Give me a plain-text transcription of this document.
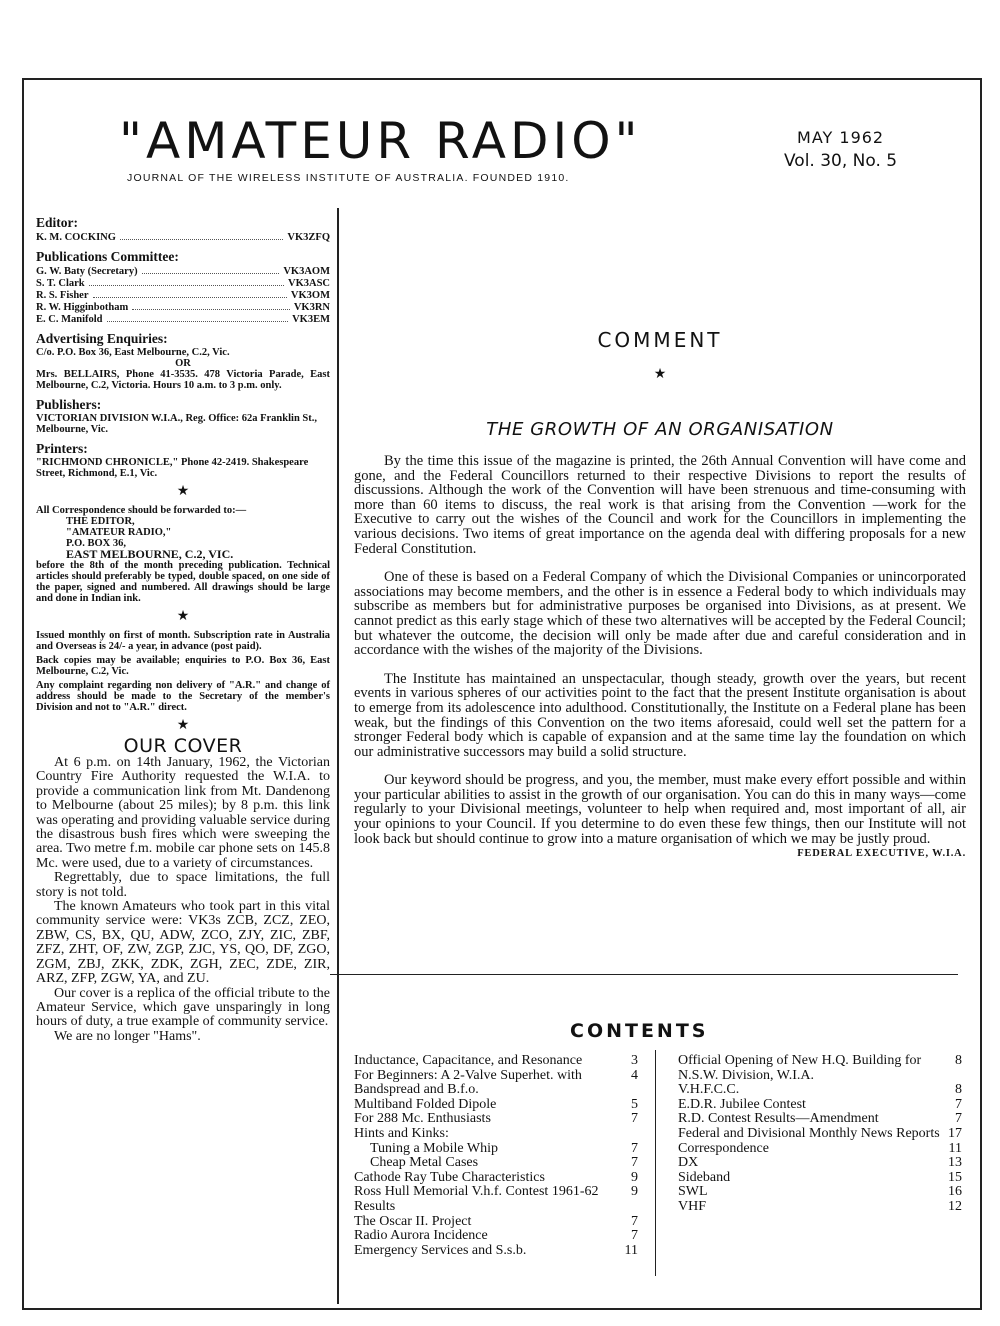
"AMATEUR RADIO"
JOURNAL OF THE WIRELESS INSTITUTE OF AUSTRALIA. FOUNDED 1910.
MAY 1962
Vol. 30, No. 5
Editor:
K. M. COCKING	VK3ZFQ
Publications Committee:
G. W. Baty (Secretary)	VK3AOM
S. T. Clark	VK3ASC
R. S. Fisher	VK3OM
R. W. Higginbotham	VK3RN
E. C. Manifold	VK3EM
Advertising Enquiries:
C/o. P.O. Box 36, East Melbourne, C.2, Vic.
OR
Mrs. BELLAIRS, Phone 41-3535. 478 Victoria Parade, East Melbourne, C.2, Victoria. Hours 10 a.m. to 3 p.m. only.
Publishers:
VICTORIAN DIVISION W.I.A., Reg. Office: 62a Franklin St., Melbourne, Vic.
Printers:
"RICHMOND CHRONICLE," Phone 42-2419. Shakespeare Street, Richmond, E.1, Vic.
★
All Correspondence should be forwarded to:—
THE EDITOR,
"AMATEUR RADIO,"
P.O. BOX 36,
EAST MELBOURNE, C.2, VIC.
before the 8th of the month preceding publication. Technical articles should preferably be typed, double spaced, on one side of the paper, signed and numbered. All drawings should be large and done in Indian ink.
★
Issued monthly on first of month. Subscription rate in Australia and Overseas is 24/- a year, in advance (post paid).
Back copies may be available; enquiries to P.O. Box 36, East Melbourne, C.2, Vic.
Any complaint regarding non delivery of "A.R." and change of address should be made to the Secretary of the member's Division and not to "A.R." direct.
★
OUR COVER

At 6 p.m. on 14th January, 1962, the Victorian Country Fire Authority requested the W.I.A. to provide a communication link from Mt. Dandenong to Melbourne (about 25 miles); by 8 p.m. this link was operating and providing valuable service during the disastrous bush fires which were sweeping the area. Two metre f.m. mobile car phone sets on 145.8 Mc. were used, due to a variety of circumstances.

Regrettably, due to space limitations, the full story is not told.

The known Amateurs who took part in this vital community service were: VK3s ZCB, ZCZ, ZEO, ZBW, CS, BX, QU, ADW, ZCO, ZJY, ZIC, ZBF, ZFZ, ZHT, OF, ZW, ZGP, ZJC, YS, QO, DF, ZGO, ZGM, ZBJ, ZKK, ZDK, ZGH, ZEC, ZDE, ZIR, ARZ, ZFP, ZGW, YA, and ZU.

Our cover is a replica of the official tribute to the Amateur Service, which gave unsparingly in long hours of duty, a true example of community service.

We are no longer "Hams".

COMMENT
★
THE GROWTH OF AN ORGANISATION

By the time this issue of the magazine is printed, the 26th Annual Convention will have come and gone, and the Federal Councillors returned to their respective Divisions to report the results of discussions. Although the work of the Convention will have been strenuous and time-consuming with more than 60 items to discuss, the real work is that arising from the Convention —work for the Executive to carry out the wishes of the Council and work for the Councillors in implementing the various decisions. Two items of great importance on the agenda deal with differing proposals for a new Federal Constitution.

One of these is based on a Federal Company of which the Divisional Companies or unincorporated associations may become members, and the other is in essence a Federal body to which individuals may subscribe as members but for administrative purposes be organised into Divisions, as at present. We cannot predict as this early stage which of these two alternatives will be accepted by the Federal Council; but whatever the outcome, the decision will only be made after due and careful consideration and in accordance with the wishes of the majority of the Divisions.

The Institute has maintained an unspectacular, though steady, growth over the years, but recent events in various spheres of our activities point to the fact that the present Institute organisation is about to emerge from its adolescence into adulthood. Constitutionally, the Institute on a Federal plane has been weak, but the findings of this Convention on the two items aforesaid, could well set the pattern for a stronger Federal body which is capable of expansion and at the same time lay the foundation on which our administrative successors may build a solid structure.

Our keyword should be progress, and you, the member, must make every effort possible and within your particular abilities to assist in the growth of our organisation. You can do this in many ways—come regularly to your Divisional meetings, volunteer to help when required and, most important of all, air your opinions to your Council. If you determine to do even these few things, then our Institute will not look back but should continue to grow into a mature organisation of which we may be justly proud.

FEDERAL EXECUTIVE, W.I.A.
CONTENTS
Inductance, Capacitance, and Resonance	3
For Beginners: A 2-Valve Superhet. with Bandspread and B.f.o.
4
Multiband Folded Dipole	5
For 288 Mc. Enthusiasts	7
Hints and Kinks:
Tuning a Mobile Whip	7
Cheap Metal Cases	7
Cathode Ray Tube Characteristics	9
Ross Hull Memorial V.h.f. Contest 1961-62 Results
9
The Oscar II. Project	7
Radio Aurora Incidence	7
Emergency Services and S.s.b.	11
Official Opening of New H.Q. Building for N.S.W. Division, W.I.A.
8
V.H.F.C.C.	8
E.D.R. Jubilee Contest	7
R.D. Contest Results—Amendment	7
Federal and Divisional Monthly News Reports 17
Correspondence	11
DX	13
Sideband	15
SWL	16
VHF	12
